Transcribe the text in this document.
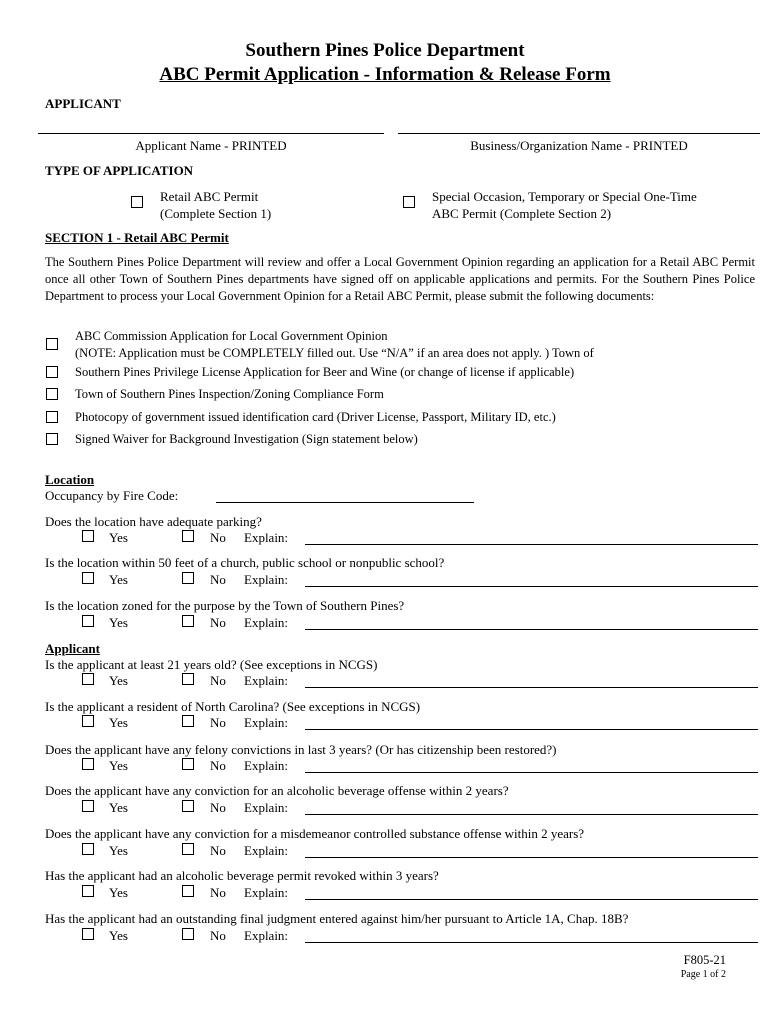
Southern Pines Police Department
ABC Permit Application - Information & Release Form
APPLICANT
Applicant Name - PRINTED	Business/Organization Name - PRINTED
TYPE OF APPLICATION
Retail ABC Permit
(Complete Section 1)
Special Occasion, Temporary or Special One-Time
ABC Permit (Complete Section 2)
SECTION 1 - Retail ABC Permit
The Southern Pines Police Department will review and offer a Local Government Opinion regarding an application for a Retail ABC Permit once all other Town of Southern Pines departments have signed off on applicable applications and permits. For the Southern Pines Police Department to process your Local Government Opinion for a Retail ABC Permit, please submit the following documents:
ABC Commission Application for Local Government Opinion
(NOTE: Application must be COMPLETELY filled out. Use “N/A” if an area does not apply. ) Town of
Southern Pines Privilege License Application for Beer and Wine (or change of license if applicable)
Town of Southern Pines Inspection/Zoning Compliance Form
Photocopy of government issued identification card (Driver License, Passport, Military ID, etc.)
Signed Waiver for Background Investigation (Sign statement below)
Location
Occupancy by Fire Code:
Does the location have adequate parking?
Yes	No Explain:
Is the location within 50 feet of a church, public school or nonpublic school?
Yes	No Explain:
Is the location zoned for the purpose by the Town of Southern Pines?
Yes	No Explain:
Applicant
Is the applicant at least 21 years old? (See exceptions in NCGS)
Yes	No Explain:
Is the applicant a resident of North Carolina? (See exceptions in NCGS)
Yes	No Explain:
Does the applicant have any felony convictions in last 3 years? (Or has citizenship been restored?)
Yes	No Explain:
Does the applicant have any conviction for an alcoholic beverage offense within 2 years?
Yes	No Explain:
Does the applicant have any conviction for a misdemeanor controlled substance offense within 2 years?
Yes	No Explain:
Has the applicant had an alcoholic beverage permit revoked within 3 years?
Yes	No Explain:
Has the applicant had an outstanding final judgment entered against him/her pursuant to Article 1A, Chap. 18B?
Yes	No Explain:
F805-21
Page 1 of 2
